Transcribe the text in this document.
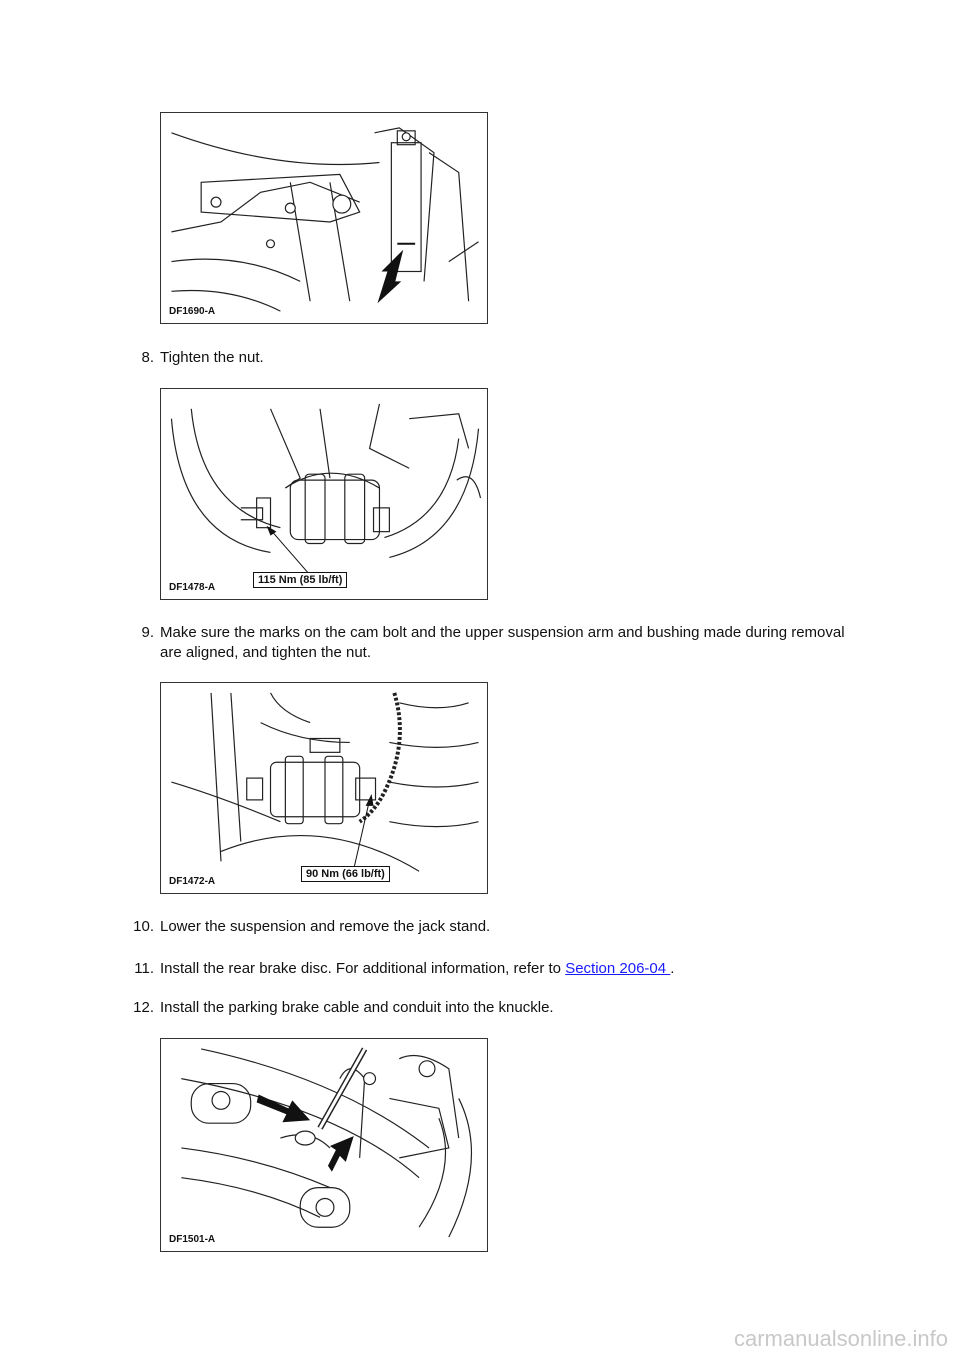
DF1690-A
8. Tighten the nut.
DF1478-A
115 Nm (85 lb/ft)
9. Make sure the marks on the cam bolt and the upper suspension arm and bushing made during removal are aligned, and tighten the nut.
DF1472-A
90 Nm (66 lb/ft)
10. Lower the suspension and remove the jack stand.
11. Install the rear brake disc. For additional information, refer to Section 206-04 .
12. Install the parking brake cable and conduit into the knuckle.
DF1501-A
carmanualsonline.info
